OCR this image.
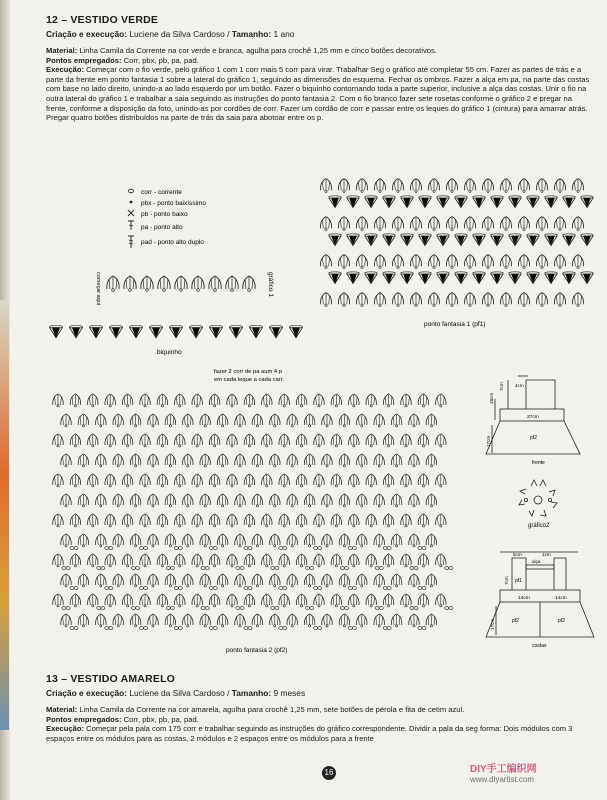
12 – VESTIDO VERDE
Criação e execução: Luciene da Silva Cardoso / Tamanho: 1 ano

Material: Linha Camila da Corrente na cor verde e branca, agulha para crochê 1,25 mm e cinco botões decorativos.

Pontos empregados: Corr, pbx, pb, pa, pad.

Execução: Começar com o fio verde, pelo gráfico 1 com 1 corr mais 5 corr para virar. Trabalhar Seg o gráfico até completar 55 cm. Fazer as partes de trás e a parte da frente em ponto fantasia 1 sobre a lateral do gráfico 1, seguindo as dimensões do esquema. Fechar os ombros. Fazer a alça em pa, na parte das costas com base no lado direito, unindo-a ao lado esquerdo por um botão. Fazer o biquinho contornando toda a parte superior, inclusive a alça das costas. Unir o fio na outra lateral do gráfico 1 e trabalhar a saia seguindo as instruções do ponto fantasia 2. Com o fio branco fazer sete rosetas conforme o gráfico 2 e pregar na frente, conforme a disposição da foto, unindo-as por cordões de corr. Fazer um cordão de corr e passar entre os leques do gráfico 1 (cintura) para amarrar atrás. Pregar quatro botões distribuídos na parte de trás da saia para abotoar entre os p.

corr - corrente
pbx - ponto baixíssimo
pb - ponto baixo
pa - ponto alto
pad - ponto alto duplo
gráfico 1
começar aqui
biquinho
ponto fantasia 1 (pf1)
fazer 2 corr de pa aum 4 p
em cada leque a cada carr.
ponto fantasia 2 (pf2)
7cm 4cm
18cm
27cm
17cm	pf2
frente
gráfico2
5cm	1cm
alça
7cm pf1
14cm	14cm
17cm	pf2	pf2
costas
13 – VESTIDO AMARELO
Criação e execução: Luciene da Silva Cardoso / Tamanho: 9 meses

Material: Linha Camila da Corrente na cor amarela, agulha para crochê 1,25 mm, sete botões de pérola e fita de cetim azul.

Pontos empregados: Corr, pbx, pb, pa, pad.

Execução: Começar pela pala com 175 corr e trabalhar seguindo as instruções do gráfico correspondente. Dividir a pala da seg forma: Dois módulos com 3 espaços entre os módulos para as costas, 2 módulos e 2 espaços entre os módulos para a frente

16	DIY手工编织网
www.diyartist.com
